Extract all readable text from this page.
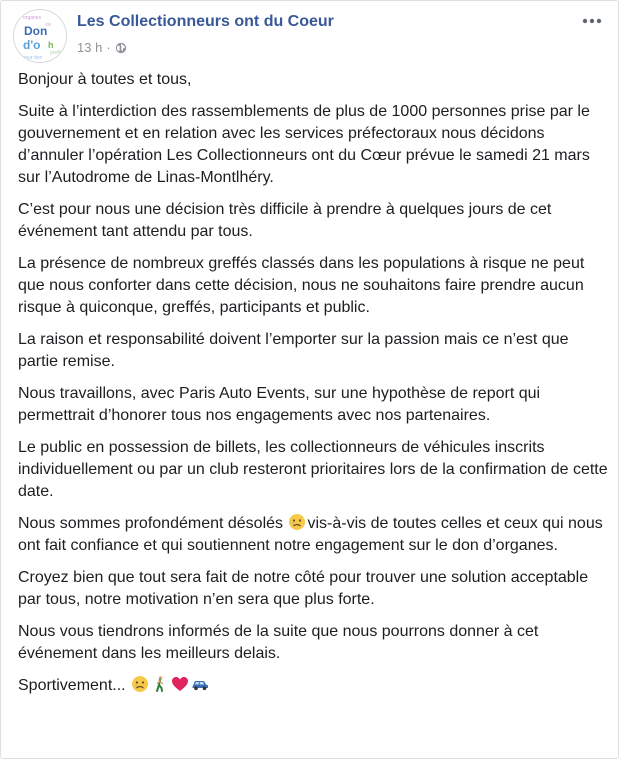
organes
coeur don
vie
greffe
Don
d'o h
Les Collectionneurs ont du Coeur
13 h ·

Bonjour à toutes et tous,

Suite à l’interdiction des rassemblements de plus de 1000 personnes prise par le gouvernement et en relation avec les services préfectoraux nous décidons d’annuler l’opération Les Collectionneurs ont du Cœur prévue le samedi 21 mars sur l’Autodrome de Linas-Montlhéry.

C’est pour nous une décision très difficile à prendre à quelques jours de cet événement tant attendu par tous.

La présence de nombreux greffés classés dans les populations à risque ne peut que nous conforter dans cette décision, nous ne souhaitons faire prendre aucun risque à quiconque, greffés, participants et public.

La raison et responsabilité doivent l’emporter sur la passion mais ce n’est que partie remise.

Nous travaillons, avec Paris Auto Events, sur une hypothèse de report qui permettrait d’honorer tous nos engagements avec nos partenaires.

Le public en possession de billets, les collectionneurs de véhicules inscrits individuellement ou par un club resteront prioritaires lors de la confirmation de cette date.

Nous sommes profondément désolés vis-à-vis de toutes celles et ceux qui nous ont fait confiance et qui soutiennent notre engagement sur le don d’organes.

Croyez bien que tout sera fait de notre côté pour trouver une solution acceptable par tous, notre motivation n’en sera que plus forte.

Nous vous tiendrons informés de la suite que nous pourrons donner à cet événement dans les meilleurs delais.

Sportivement...
